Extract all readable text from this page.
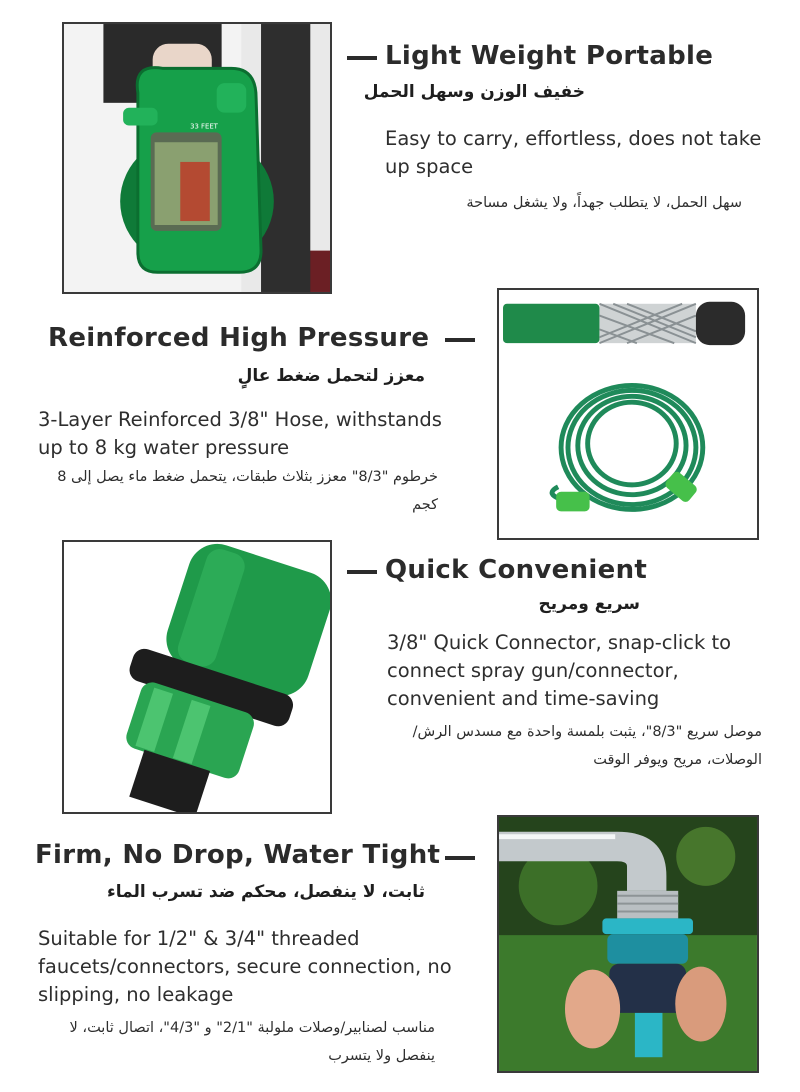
33 FEET
Light Weight Portable
خفيف الوزن وسهل الحمل
Easy to carry, effortless, does not take up space
سهل الحمل، لا يتطلب جهداً، ولا يشغل مساحة
Reinforced High Pressure
معزز لتحمل ضغط عالٍ
3-Layer Reinforced 3/8" Hose, withstands up to 8 kg water pressure
خرطوم "8/3" معزز بثلاث طبقات، يتحمل ضغط ماء يصل إلى 8 كجم
Quick Convenient
سريع ومريح
3/8" Quick Connector, snap-click to connect spray gun/connector, convenient and time-saving
موصل سريع "8/3"، يثبت بلمسة واحدة مع مسدس الرش/الوصلات، مريح ويوفر الوقت
Firm, No Drop, Water Tight
ثابت، لا ينفصل، محكم ضد تسرب الماء
Suitable for 1/2" & 3/4" threaded faucets/connectors, secure connection, no slipping, no leakage
مناسب لصنابير/وصلات ملولبة "2/1" و "4/3"، اتصال ثابت، لا ينفصل ولا يتسرب
